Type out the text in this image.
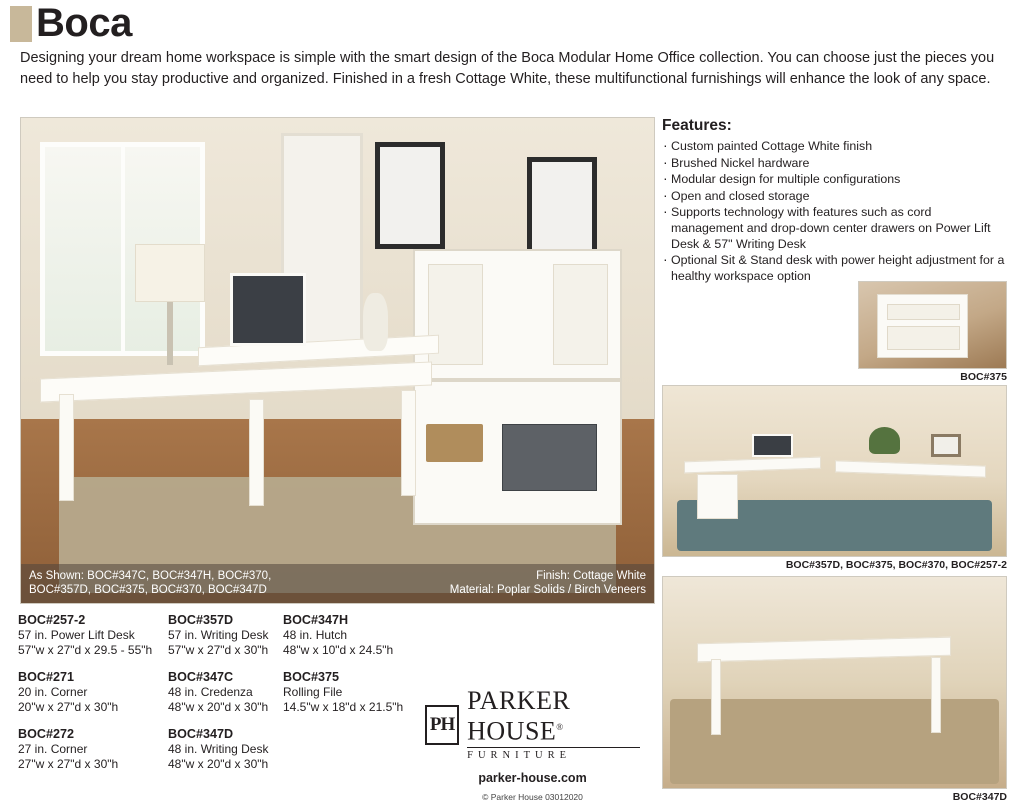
Boca
Designing your dream home workspace is simple with the smart design of the Boca Modular Home Office collection. You can choose just the pieces you need to help you stay productive and organized. Finished in a fresh Cottage White, these multifunctional furnishings will enhance the look of any space.
As Shown: BOC#347C, BOC#347H, BOC#370,
BOC#357D, BOC#375, BOC#370, BOC#347D
Finish: Cottage White
Material: Poplar Solids / Birch Veneers
Features:
· Custom painted Cottage White finish
· Brushed Nickel hardware
· Modular design for multiple configurations
· Open and closed storage
· Supports technology with features such as cord management and drop-down center drawers on Power Lift Desk & 57" Writing Desk
· Optional Sit & Stand desk with power height adjustment for a healthy workspace option
BOC#375
BOC#357D, BOC#375, BOC#370, BOC#257-2
BOC#347D
BOC#257-2
57 in. Power Lift Desk
57"w x 27"d x 29.5 - 55"h
BOC#271
20 in. Corner
20"w x 27"d x 30"h
BOC#272
27 in. Corner
27"w x 27"d x 30"h
BOC#357D
57 in. Writing Desk
57"w x 27"d x 30"h
BOC#347C
48 in. Credenza
48"w x 20"d x 30"h
BOC#347D
48 in. Writing Desk
48"w x 20"d x 30"h
BOC#347H
48 in. Hutch
48"w x 10"d x 24.5"h
BOC#375
Rolling File
14.5"w x 18"d x 21.5"h
PH
PARKER HOUSE®
FURNITURE
parker-house.com
© Parker House 03012020
